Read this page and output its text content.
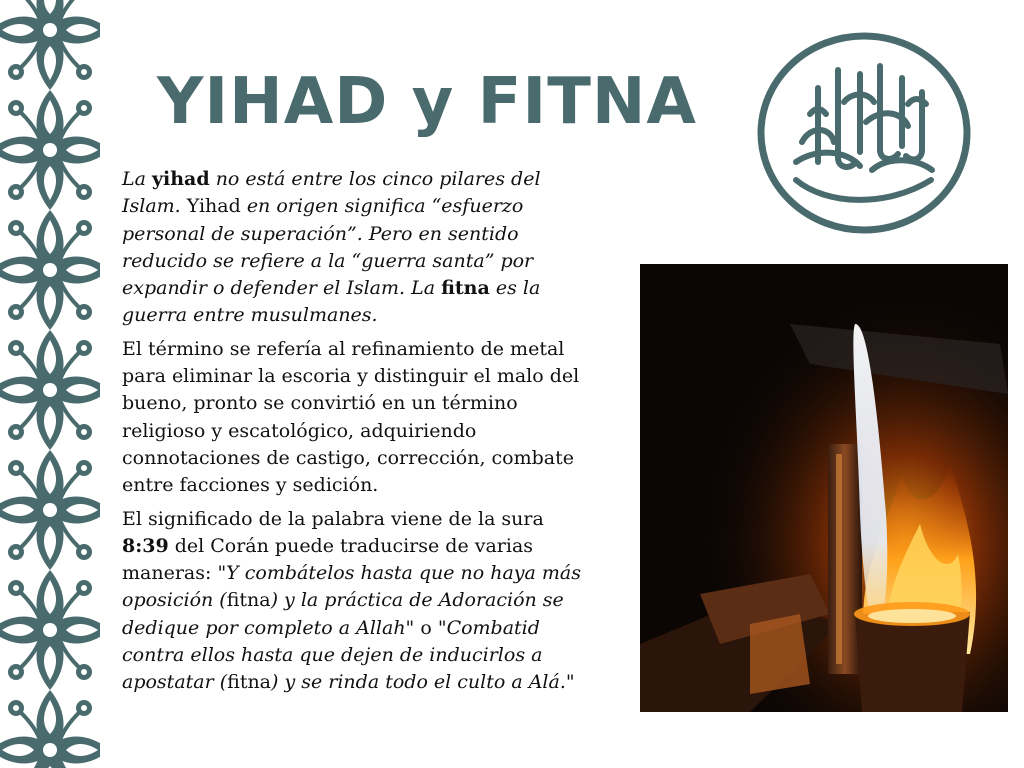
YIHAD y FITNA

La yihad no está entre los cinco pilares del Islam. Yihad en origen significa “esfuerzo personal de superación”. Pero en sentido reducido se refiere a la “guerra santa” por expandir o defender el Islam. La fitna es la guerra entre musulmanes.

El término se refería al refinamiento de metal para eliminar la escoria y distinguir el malo del bueno, pronto se convirtió en un término religioso y escatológico, adquiriendo connotaciones de castigo, corrección, combate entre facciones y sedición.

El significado de la palabra viene de la sura 8:39 del Corán puede traducirse de varias maneras: "Y combátelos hasta que no haya más oposición (fitna) y la práctica de Adoración se dedique por completo a Allah" o "Combatid contra ellos hasta que dejen de inducirlos a apostatar (fitna) y se rinda todo el culto a Alá."
